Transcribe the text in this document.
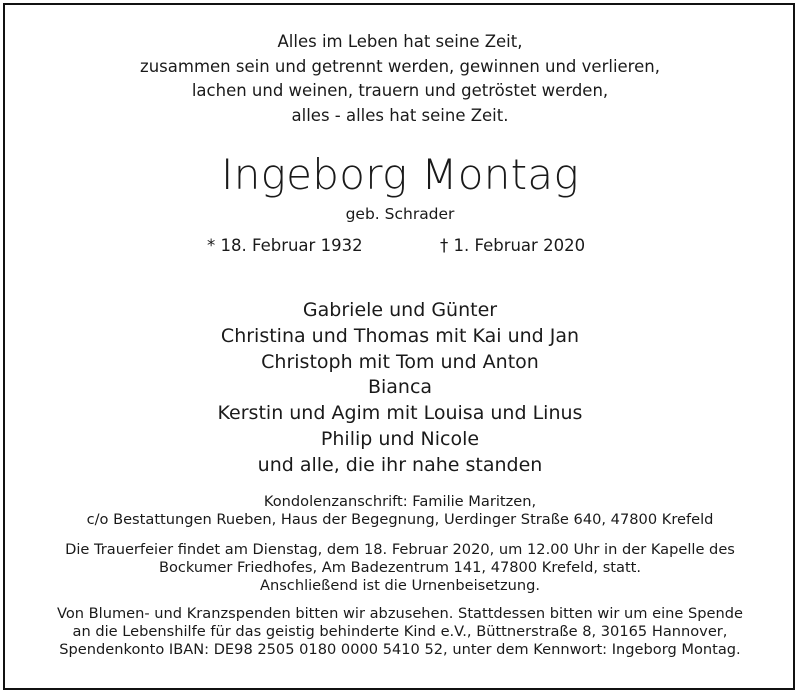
Alles im Leben hat seine Zeit,
zusammen sein und getrennt werden, gewinnen und verlieren,
lachen und weinen, trauern und getröstet werden,
alles - alles hat seine Zeit.
Ingeborg Montag
geb. Schrader
* 18. Februar 1932	† 1. Februar 2020
Gabriele und Günter
Christina und Thomas mit Kai und Jan
Christoph mit Tom und Anton
Bianca
Kerstin und Agim mit Louisa und Linus
Philip und Nicole
und alle, die ihr nahe standen
Kondolenzanschrift: Familie Maritzen,
c/o Bestattungen Rueben, Haus der Begegnung, Uerdinger Straße 640, 47800 Krefeld
Die Trauerfeier findet am Dienstag, dem 18. Februar 2020, um 12.00 Uhr in der Kapelle des
Bockumer Friedhofes, Am Badezentrum 141, 47800 Krefeld, statt.
Anschließend ist die Urnenbeisetzung.
Von Blumen- und Kranzspenden bitten wir abzusehen. Stattdessen bitten wir um eine Spende
an die Lebenshilfe für das geistig behinderte Kind e.V., Büttnerstraße 8, 30165 Hannover,
Spendenkonto IBAN: DE98 2505 0180 0000 5410 52, unter dem Kennwort: Ingeborg Montag.
